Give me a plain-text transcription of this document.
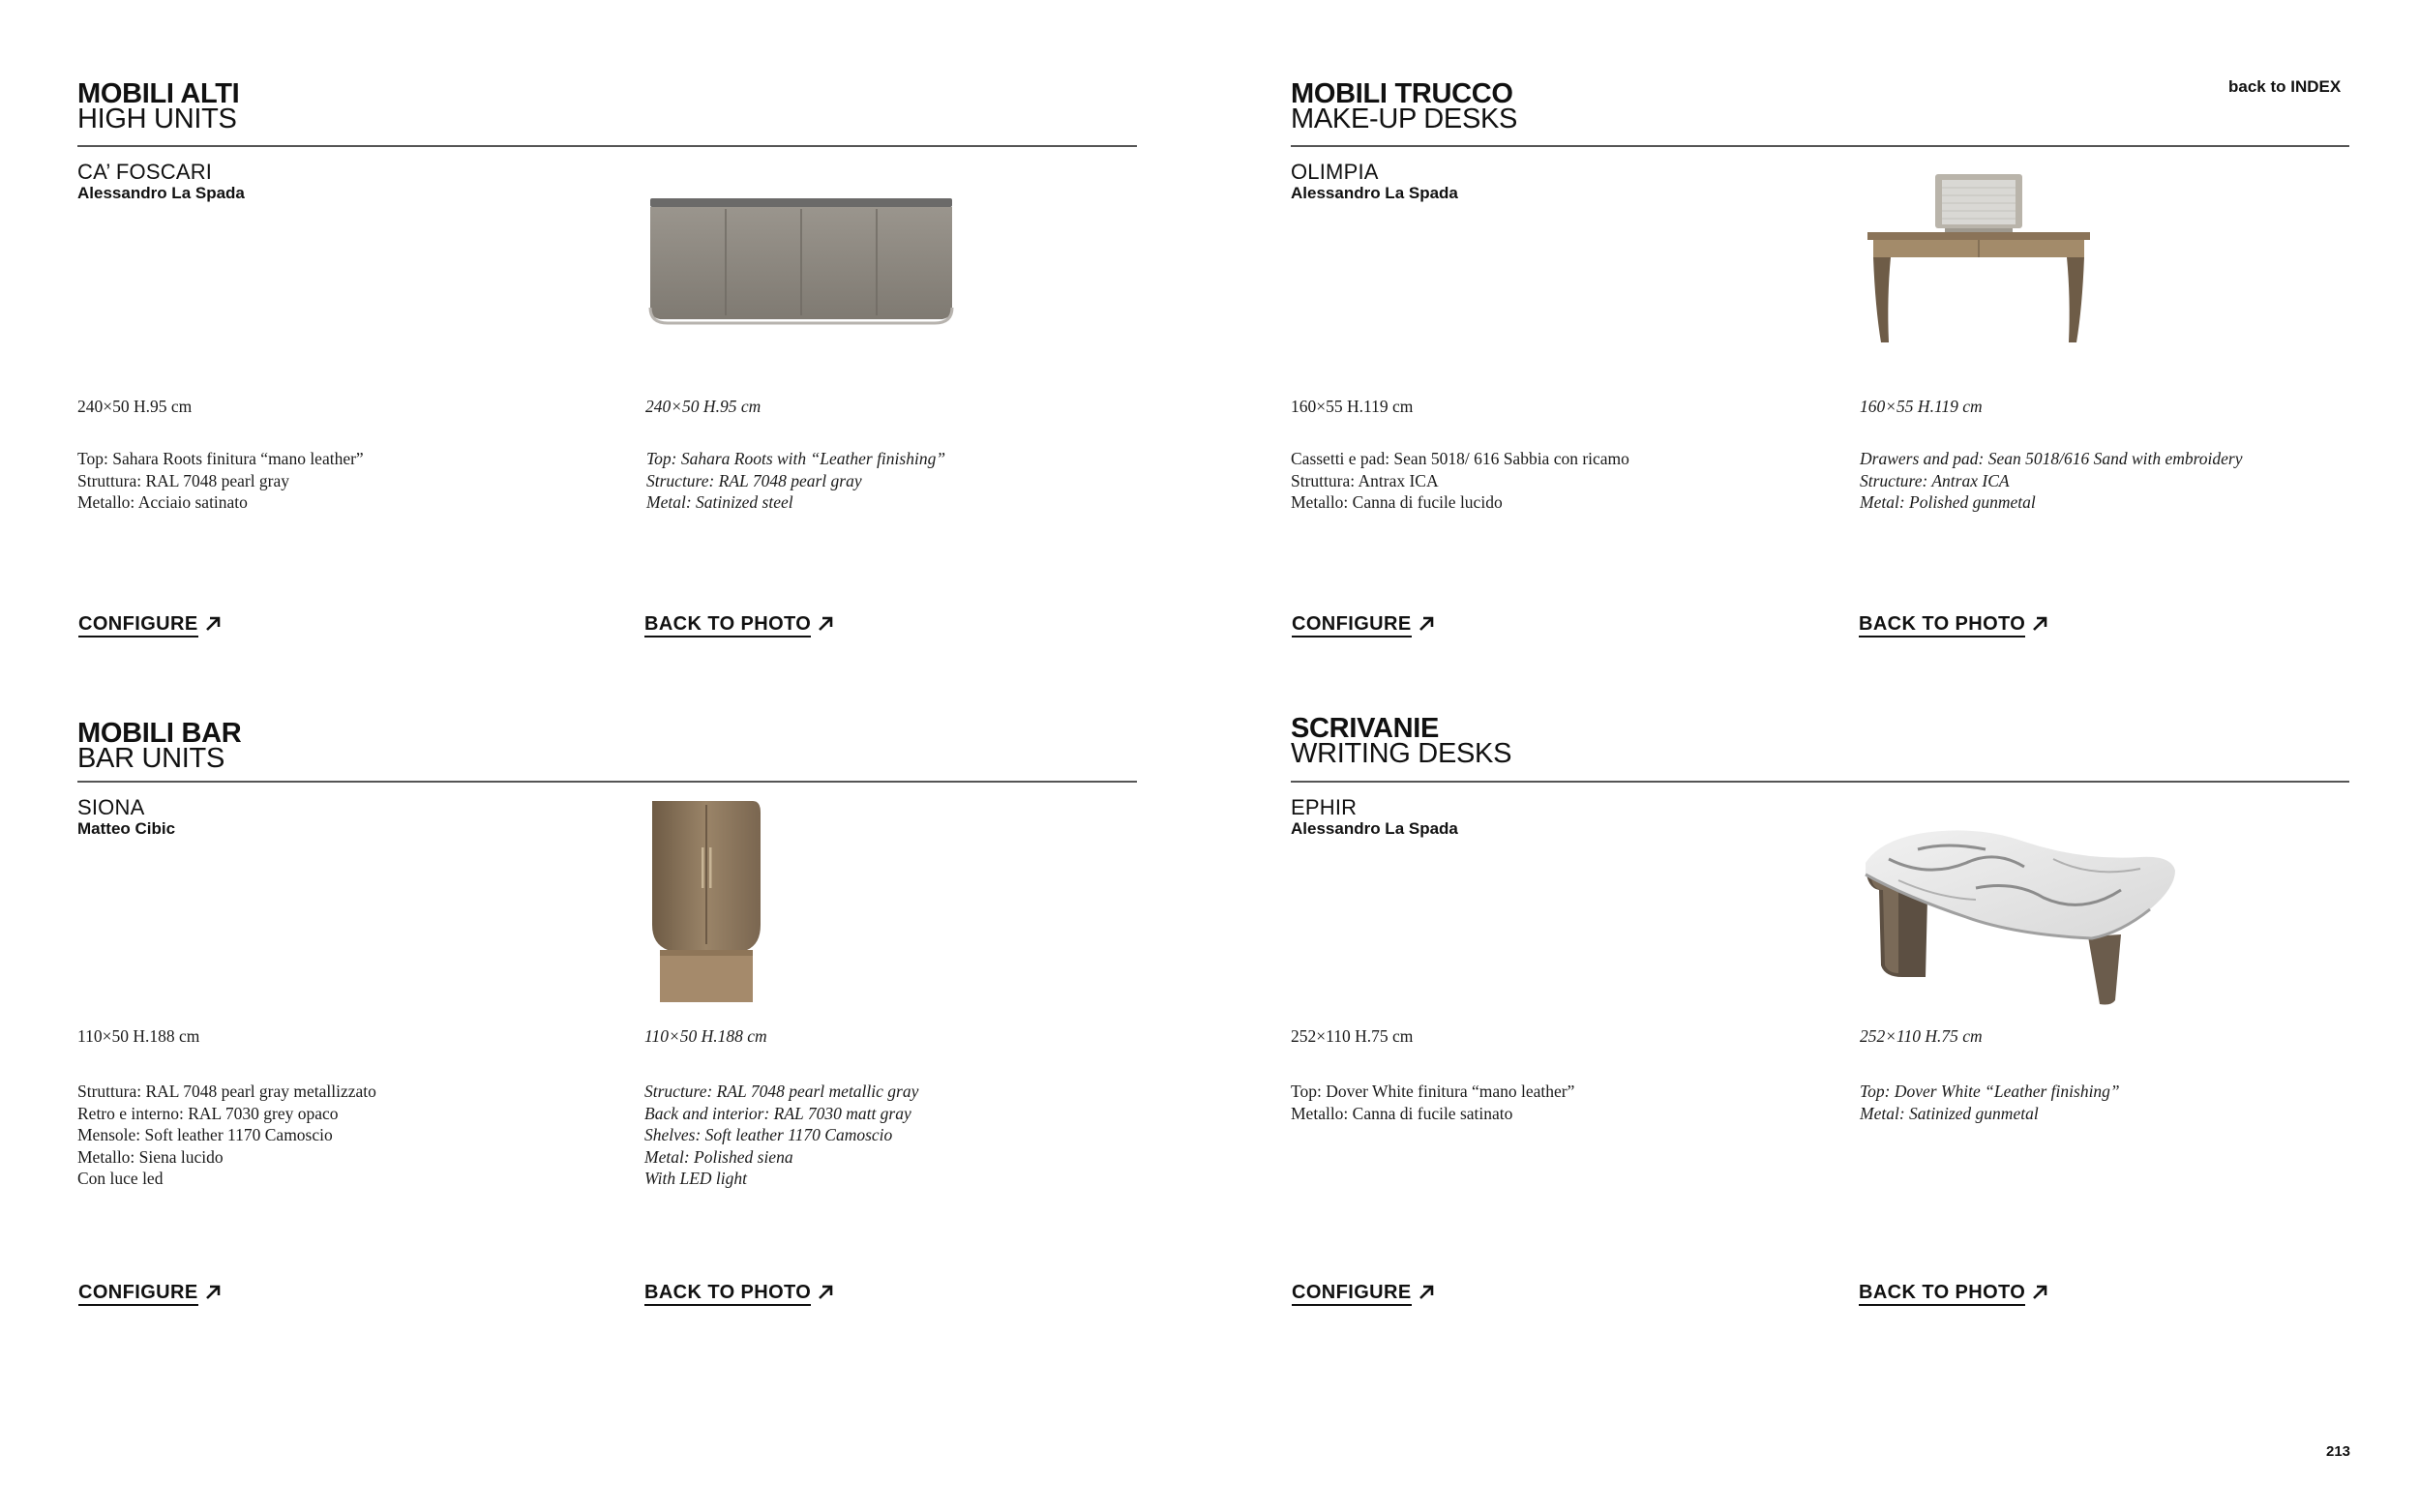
back to INDEX
213
MOBILI ALTI
HIGH UNITS
CA’ FOSCARI
Alessandro La Spada
240×50 H.95 cm	240×50 H.95 cm
Top: Sahara Roots finitura “mano leather”
Struttura: RAL 7048 pearl gray
Metallo: Acciaio satinato
Top: Sahara Roots with “Leather finishing”
Structure: RAL 7048 pearl gray
Metal: Satinized steel
CONFIGURE	BACK TO PHOTO
MOBILI TRUCCO
MAKE-UP DESKS
OLIMPIA
Alessandro La Spada
160×55 H.119 cm	160×55 H.119 cm
Cassetti e pad: Sean 5018/ 616 Sabbia con ricamo
Struttura: Antrax ICA
Metallo: Canna di fucile lucido
Drawers and pad: Sean 5018/616 Sand with embroidery
Structure: Antrax ICA
Metal: Polished gunmetal
CONFIGURE	BACK TO PHOTO
MOBILI BAR
BAR UNITS
SIONA
Matteo Cibic
110×50 H.188 cm	110×50 H.188 cm
Struttura: RAL 7048 pearl gray metallizzato
Retro e interno: RAL 7030 grey opaco
Mensole: Soft leather 1170 Camoscio
Metallo: Siena lucido
Con luce led
Structure: RAL 7048 pearl metallic gray
Back and interior: RAL 7030 matt gray
Shelves: Soft leather 1170 Camoscio
Metal: Polished siena
With LED light
CONFIGURE	BACK TO PHOTO
SCRIVANIE
WRITING DESKS
EPHIR
Alessandro La Spada
252×110 H.75 cm	252×110 H.75 cm
Top: Dover White finitura “mano leather”
Metallo: Canna di fucile satinato
Top: Dover White “Leather finishing”
Metal: Satinized gunmetal
CONFIGURE	BACK TO PHOTO
